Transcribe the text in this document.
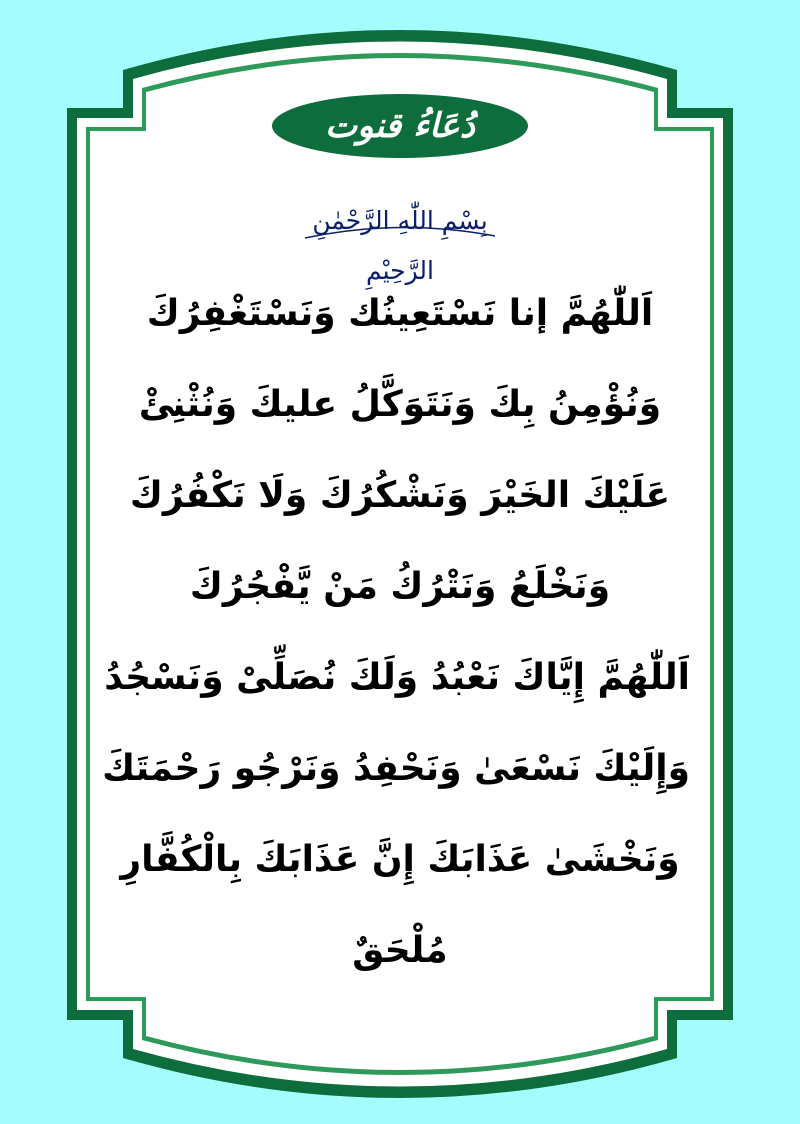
دُعَاءُ قنوت
بِسْمِ اللّٰهِ الرَّحْمٰنِ الرَّحِيْمِ
اَللّٰھُمَّ إنا نَسْتَعِينُك وَنَسْتَغْفِرُكَ
وَنُؤْمِنُ بِكَ وَنَتَوَكَّلُ عليكَ وَنُثْنِئْ
عَلَيْكَ الخَيْرَ وَنَشْكُرُكَ وَلَا نَكْفُرُكَ
وَنَخْلَعُ وَنَتْرُكُ مَنْ يَّفْجُرُكَ
اَللّٰھُمَّ إِيَّاكَ نَعْبُدُ وَلَكَ نُصَلِّیْ وَنَسْجُدُ
وَإِلَيْكَ نَسْعَیٰ وَنَحْفِدُ وَنَرْجُو رَحْمَتَكَ
وَنَخْشَیٰ عَذَابَكَ إِنَّ عَذَابَكَ بِالْكُفَّارِ
مُلْحَقٌ
